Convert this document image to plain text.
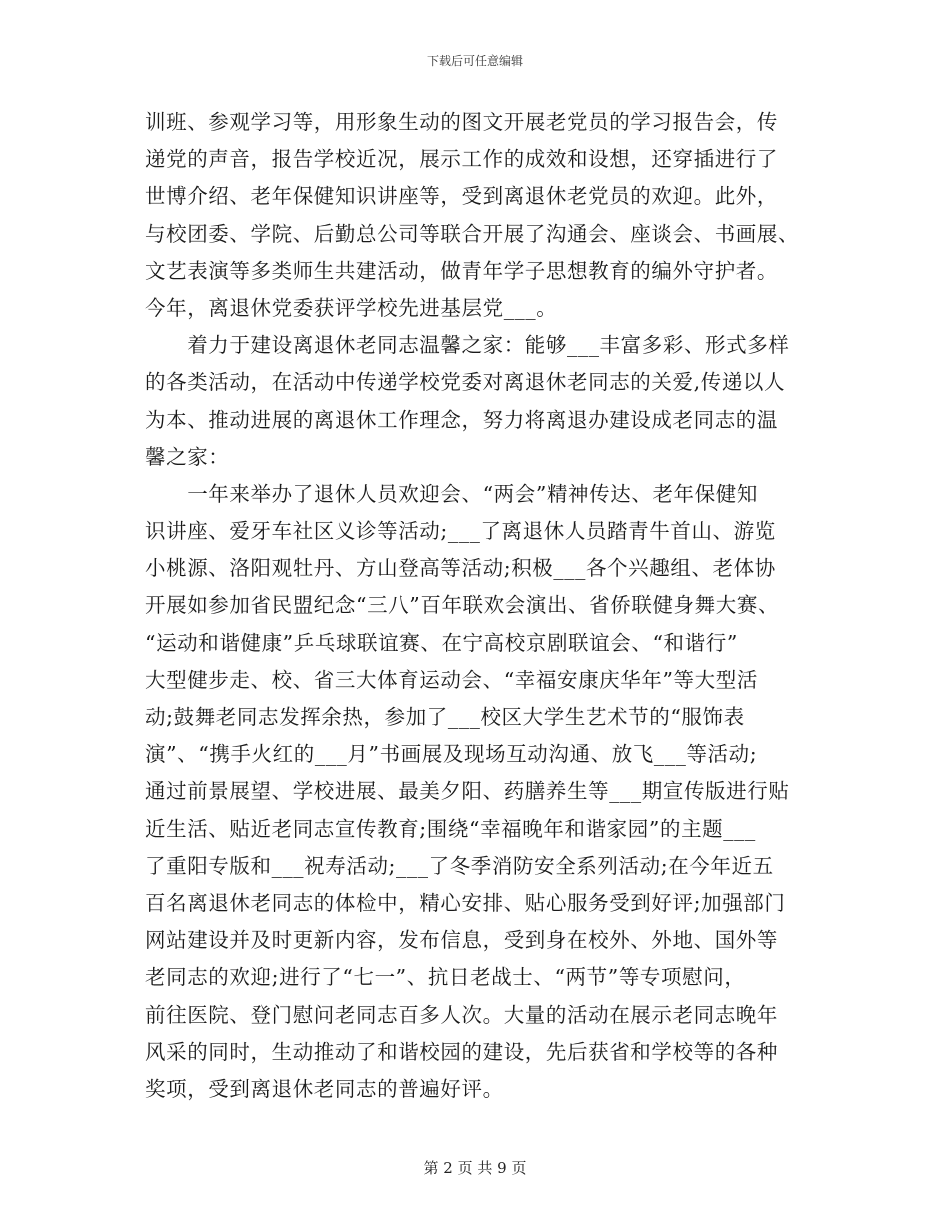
下载后可任意编辑
训班、参观学习等，用形象生动的图文开展老党员的学习报告会，传
递党的声音，报告学校近况，展示工作的成效和设想，还穿插进行了
世博介绍、老年保健知识讲座等，受到离退休老党员的欢迎。此外，
与校团委、学院、后勤总公司等联合开展了沟通会、座谈会、书画展、
文艺表演等多类师生共建活动，做青年学子思想教育的编外守护者。
今年，离退休党委获评学校先进基层党___。
　　着力于建设离退休老同志温馨之家：能够___丰富多彩、形式多样
的各类活动，在活动中传递学校党委对离退休老同志的关爱,传递以人
为本、推动进展的离退休工作理念，努力将离退办建设成老同志的温
馨之家：
　　一年来举办了退休人员欢迎会、“两会”精神传达、老年保健知
识讲座、爱牙车社区义诊等活动;___了离退休人员踏青牛首山、游览
小桃源、洛阳观牡丹、方山登高等活动;积极___各个兴趣组、老体协
开展如参加省民盟纪念“三八”百年联欢会演出、省侨联健身舞大赛、
“运动和谐健康”乒乓球联谊赛、在宁高校京剧联谊会、“和谐行”
大型健步走、校、省三大体育运动会、“幸福安康庆华年”等大型活
动;鼓舞老同志发挥余热，参加了___校区大学生艺术节的“服饰表
演”、“携手火红的___月”书画展及现场互动沟通、放飞___等活动;
通过前景展望、学校进展、最美夕阳、药膳养生等___期宣传版进行贴
近生活、贴近老同志宣传教育;围绕“幸福晚年和谐家园”的主题___
了重阳专版和___祝寿活动;___了冬季消防安全系列活动;在今年近五
百名离退休老同志的体检中，精心安排、贴心服务受到好评;加强部门
网站建设并及时更新内容，发布信息，受到身在校外、外地、国外等
老同志的欢迎;进行了“七一”、抗日老战士、“两节”等专项慰问，
前往医院、登门慰问老同志百多人次。大量的活动在展示老同志晚年
风采的同时，生动推动了和谐校园的建设，先后获省和学校等的各种
奖项，受到离退休老同志的普遍好评。
第 2 页 共 9 页
